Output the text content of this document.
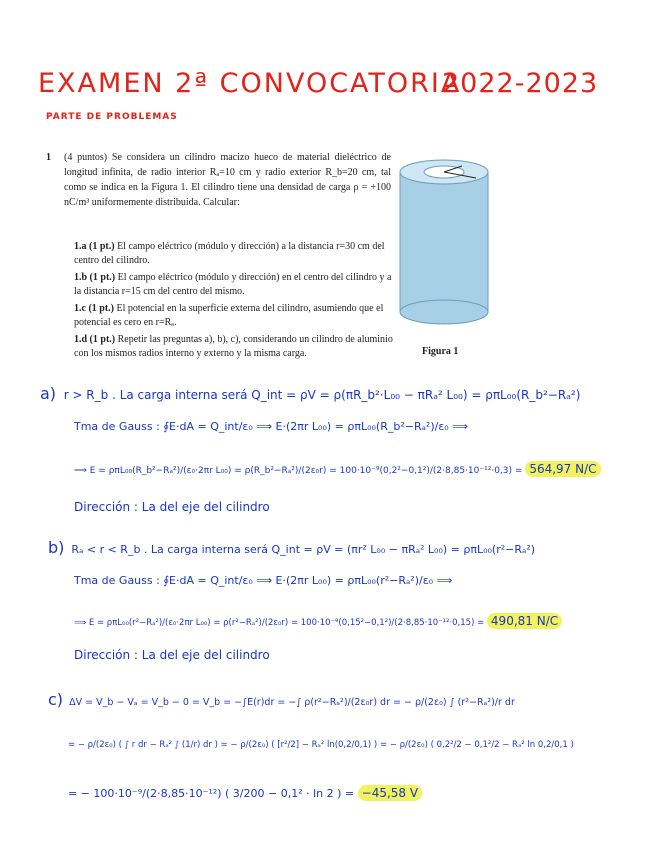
EXAMEN 2ª CONVOCATORIA
2022-2023
PARTE DE PROBLEMAS
1 (4 puntos) Se considera un cilindro macizo hueco de material dieléctrico de longitud infinita, de radio interior Rₐ=10 cm y radio exterior R_b=20 cm, tal como se indica en la Figura 1. El cilindro tiene una densidad de carga ρ = +100 nC/m³ uniformemente distribuida. Calcular:
1.a (1 pt.) El campo eléctrico (módulo y dirección) a la distancia r=30 cm del centro del cilindro.
1.b (1 pt.) El campo eléctrico (módulo y dirección) en el centro del cilindro y a la distancia r=15 cm del centro del mismo.
1.c (1 pt.) El potencial en la superficie externa del cilindro, asumiendo que el potencial es cero en r=Rₐ.
1.d (1 pt.) Repetir las preguntas a), b), c), considerando un cilindro de aluminio con los mismos radios interno y externo y la misma carga.	Figura 1
a) r > R_b . La carga interna será Q_int = ρV = ρ(πR_b²·L₀₀ − πRₐ² L₀₀) = ρπL₀₀(R_b²−Rₐ²)
Tma de Gauss : ∮E·dA = Q_int/ε₀ ⟹ E·(2πr L₀₀) = ρπL₀₀(R_b²−Rₐ²)/ε₀ ⟹
⟹ E = ρπL₀₀(R_b²−Rₐ²)/(ε₀·2πr L₀₀) = ρ(R_b²−Rₐ²)/(2ε₀r) = 100·10⁻⁹(0,2²−0,1²)/(2·8,85·10⁻¹²·0,3) = 564,97 N/C
Dirección : La del eje del cilindro
b) Rₐ < r < R_b . La carga interna será Q_int = ρV = (πr² L₀₀ − πRₐ² L₀₀) = ρπL₀₀(r²−Rₐ²)
Tma de Gauss : ∮E·dA = Q_int/ε₀ ⟹ E·(2πr L₀₀) = ρπL₀₀(r²−Rₐ²)/ε₀ ⟹
⟹ E = ρπL₀₀(r²−Rₐ²)/(ε₀·2πr L₀₀) = ρ(r²−Rₐ²)/(2ε₀r) = 100·10⁻⁹(0,15²−0,1²)/(2·8,85·10⁻¹²·0,15) = 490,81 N/C
Dirección : La del eje del cilindro
c) ΔV = V_b − Vₐ = V_b − 0 = V_b = −∫E(r)dr = −∫ ρ(r²−Rₐ²)/(2ε₀r) dr = − ρ/(2ε₀) ∫ (r²−Rₐ²)/r dr
= − ρ/(2ε₀) ( ∫ r dr − Rₐ² ∫ (1/r) dr ) = − ρ/(2ε₀) ( [r²/2] − Rₐ² ln(0,2/0,1) ) = − ρ/(2ε₀) ( 0,2²/2 − 0,1²/2 − Rₐ² ln 0,2/0,1 )
= − 100·10⁻⁹/(2·8,85·10⁻¹²) ( 3/200 − 0,1² · ln 2 ) = −45,58 V
